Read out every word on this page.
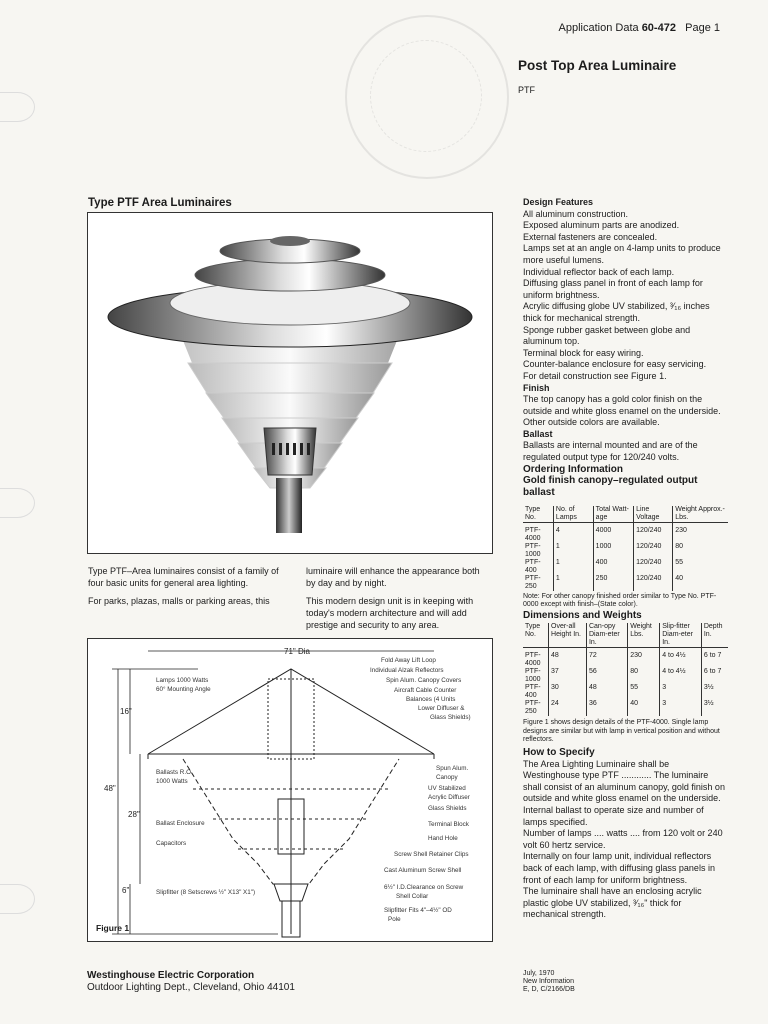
Application Data 60-472 Page 1
Post Top Area Luminaire
PTF
Type PTF Area Luminaires

Type PTF–Area luminaires consist of a family of four basic units for general area lighting.

For parks, plazas, malls or parking areas, this

luminaire will enhance the appearance both by day and by night.

This modern design unit is in keeping with today's modern architecture and will add prestige and security to any area.

71" Dia
16"
48"
28"
6"
Lamps 1000 Watts
60° Mounting Angle
Ballasts R.O.
1000 Watts
Ballast Enclosure
Capacitors
Slipfitter (8 Setscrews ½" X13" X1")
Fold Away Lift Loop
Individual Alzak Reflectors
Spin Alum. Canopy Covers
Aircraft Cable Counter
Balances (4 Units
Lower Diffuser &
Glass Shields)
Spun Alum.
Canopy
UV Stabilized
Acrylic Diffuser
Glass Shields
Terminal Block
Hand Hole
Screw Shell Retainer Clips
Cast Aluminum Screw Shell
6½" I.D.Clearance on Screw
Shell Collar
Slipfitter Fits 4"–4½" OD
Pole
Figure 1
Design Features

All aluminum construction.

Exposed aluminum parts are anodized.

External fasteners are concealed.

Lamps set at an angle on 4-lamp units to produce more useful lumens.

Individual reflector back of each lamp.

Diffusing glass panel in front of each lamp for uniform brightness.

Acrylic diffusing globe UV stabilized, ³⁄₁₆ inches thick for mechanical strength.

Sponge rubber gasket between globe and aluminum top.

Terminal block for easy wiring.

Counter-balance enclosure for easy servicing.

For detail construction see Figure 1.

Finish

The top canopy has a gold color finish on the outside and white gloss enamel on the underside. Other outside colors are available.

Ballast

Ballasts are internal mounted and are of the regulated output type for 120/240 volts.

Ordering Information
Gold finish canopy–regulated output ballast
Type No.	No. of Lamps	Total Watt-age	Line Voltage	Weight Approx.-Lbs.
PTF-4000	4	4000	120/240	230
PTF-1000	1	1000	120/240	80
PTF-400	1	400	120/240	55
PTF-250	1	250	120/240	40
Note: For other canopy finished order similar to Type No. PTF-0000 except with finish–(State color).
Dimensions and Weights
Type No.	Over-all Height In.	Can-opy Diam-eter In.	Weight Lbs.	Slip-fitter Diam-eter In.	Depth In.
PTF-4000	48	72	230	4 to 4½	6 to 7
PTF-1000	37	56	80	4 to 4½	6 to 7
PTF-400	30	48	55	3	3½
PTF-250	24	36	40	3	3½
Figure 1 shows design details of the PTF-4000. Single lamp designs are similar but with lamp in vertical position and without reflectors.
How to Specify

The Area Lighting Luminaire shall be Westinghouse type PTF ............ The luminaire shall consist of an aluminum canopy, gold finish on outside and white gloss enamel on the underside. Internal ballast to operate size and number of lamps specified.

Number of lamps .... watts .... from 120 volt or 240 volt 60 hertz service.

Internally on four lamp unit, individual reflectors back of each lamp, with diffusing glass panels in front of each lamp for uniform brightness.

The luminaire shall have an enclosing acrylic plastic globe UV stabilized, ³⁄₁₆" thick for mechanical strength.

Westinghouse Electric Corporation
Outdoor Lighting Dept., Cleveland, Ohio 44101
July, 1970
New Information
E, D, C/2166/DB
